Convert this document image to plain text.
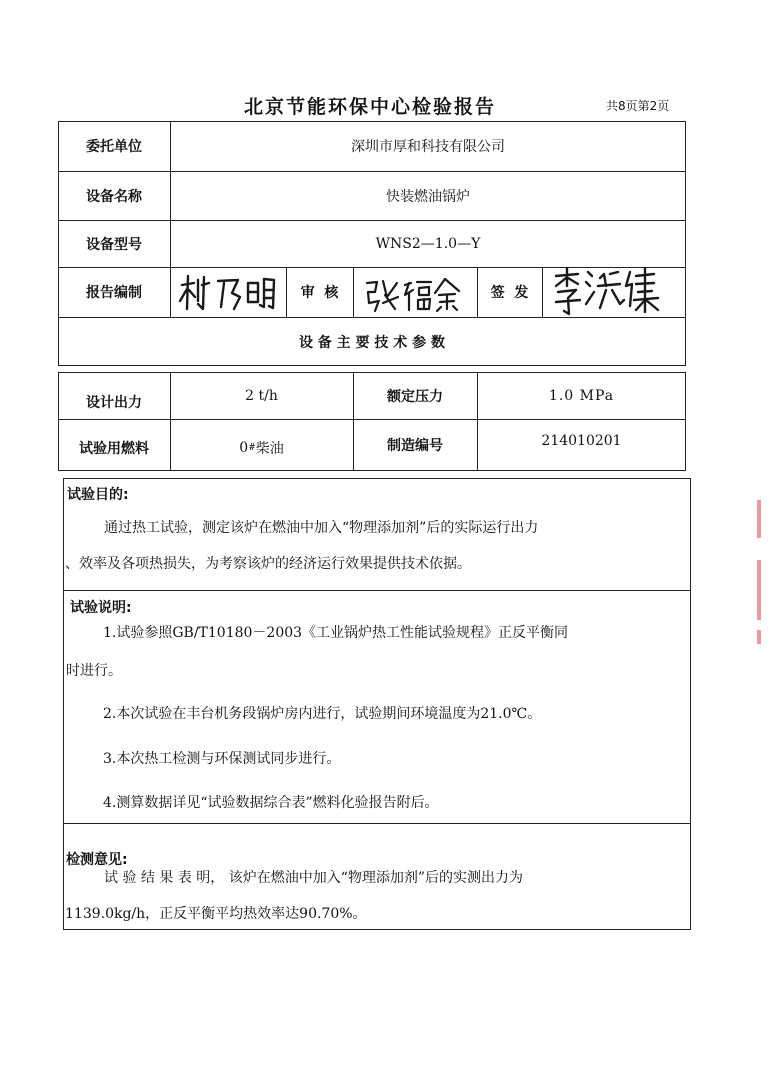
北京节能环保中心检验报告	共8页第2页
委托单位	深圳市厚和科技有限公司
设备名称	快装燃油锅炉
设备型号	WNS2—1.0—Y
报告编制	审  核	签  发
设 备 主 要 技 术 参 数
设计出力	2 t/h	额定压力	1.0 MPa
试验用燃料	0 # 柴油	制造编号	214010201
试验目的:
通过热工试验，测定该炉在燃油中加入“物理添加剂”后的实际运行出力
、效率及各项热损失，为考察该炉的经济运行效果提供技术依据。
试验说明:
1.试验参照GB/T10180－2003《工业锅炉热工性能试验规程》正反平衡同
时进行。
2.本次试验在丰台机务段锅炉房内进行，试验期间环境温度为21.0℃。
3.本次热工检测与环保测试同步进行。
4.测算数据详见“试验数据综合表”燃料化验报告附后。
检测意见:
试 验 结 果 表 明， 该炉在燃油中加入“物理添加剂”后的实测出力为
1139.0kg/h，正反平衡平均热效率达90.70%。
